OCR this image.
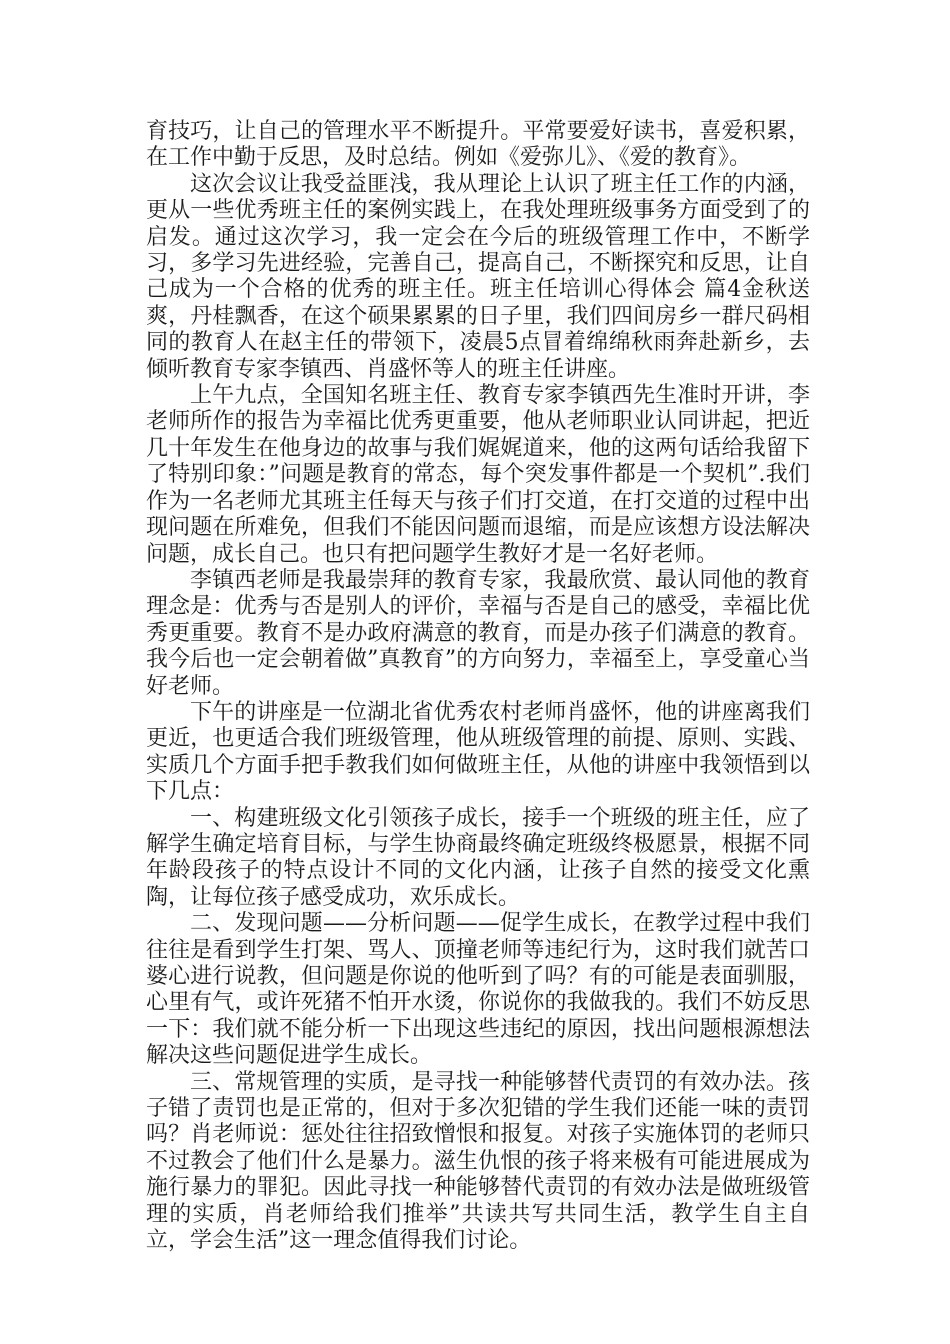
育技巧，让自己的管理水平不断提升。平常要爱好读书，喜爱积累，在工作中勤于反思，及时总结。例如《爱弥儿》、《爱的教育》。

这次会议让我受益匪浅，我从理论上认识了班主任工作的内涵，更从一些优秀班主任的案例实践上，在我处理班级事务方面受到了的启发。通过这次学习，我一定会在今后的班级管理工作中，不断学习，多学习先进经验，完善自己，提高自己，不断探究和反思，让自己成为一个合格的优秀的班主任。班主任培训心得体会 篇4金秋送爽，丹桂飘香，在这个硕果累累的日子里，我们四间房乡一群尺码相同的教育人在赵主任的带领下，凌晨5点冒着绵绵秋雨奔赴新乡，去倾听教育专家李镇西、肖盛怀等人的班主任讲座。

上午九点，全国知名班主任、教育专家李镇西先生准时开讲，李老师所作的报告为幸福比优秀更重要，他从老师职业认同讲起，把近几十年发生在他身边的故事与我们娓娓道来，他的这两句话给我留下了特别印象：”问题是教育的常态，每个突发事件都是一个契机”.我们作为一名老师尤其班主任每天与孩子们打交道，在打交道的过程中出现问题在所难免，但我们不能因问题而退缩，而是应该想方设法解决问题，成长自己。也只有把问题学生教好才是一名好老师。

李镇西老师是我最崇拜的教育专家，我最欣赏、最认同他的教育理念是：优秀与否是别人的评价，幸福与否是自己的感受，幸福比优秀更重要。教育不是办政府满意的教育，而是办孩子们满意的教育。我今后也一定会朝着做”真教育”的方向努力，幸福至上，享受童心当好老师。

下午的讲座是一位湖北省优秀农村老师肖盛怀，他的讲座离我们更近，也更适合我们班级管理，他从班级管理的前提、原则、实践、实质几个方面手把手教我们如何做班主任，从他的讲座中我领悟到以下几点：

一、构建班级文化引领孩子成长，接手一个班级的班主任，应了解学生确定培育目标，与学生协商最终确定班级终极愿景，根据不同年龄段孩子的特点设计不同的文化内涵，让孩子自然的接受文化熏陶，让每位孩子感受成功，欢乐成长。

二、发现问题——分析问题——促学生成长，在教学过程中我们往往是看到学生打架、骂人、顶撞老师等违纪行为，这时我们就苦口婆心进行说教，但问题是你说的他听到了吗？有的可能是表面驯服，心里有气，或许死猪不怕开水烫，你说你的我做我的。我们不妨反思一下：我们就不能分析一下出现这些违纪的原因，找出问题根源想法解决这些问题促进学生成长。

三、常规管理的实质，是寻找一种能够替代责罚的有效办法。孩子错了责罚也是正常的，但对于多次犯错的学生我们还能一味的责罚吗？肖老师说：惩处往往招致憎恨和报复。对孩子实施体罚的老师只不过教会了他们什么是暴力。滋生仇恨的孩子将来极有可能进展成为施行暴力的罪犯。因此寻找一种能够替代责罚的有效办法是做班级管理的实质，肖老师给我们推举”共读共写共同生活，教学生自主自立，学会生活”这一理念值得我们讨论。
